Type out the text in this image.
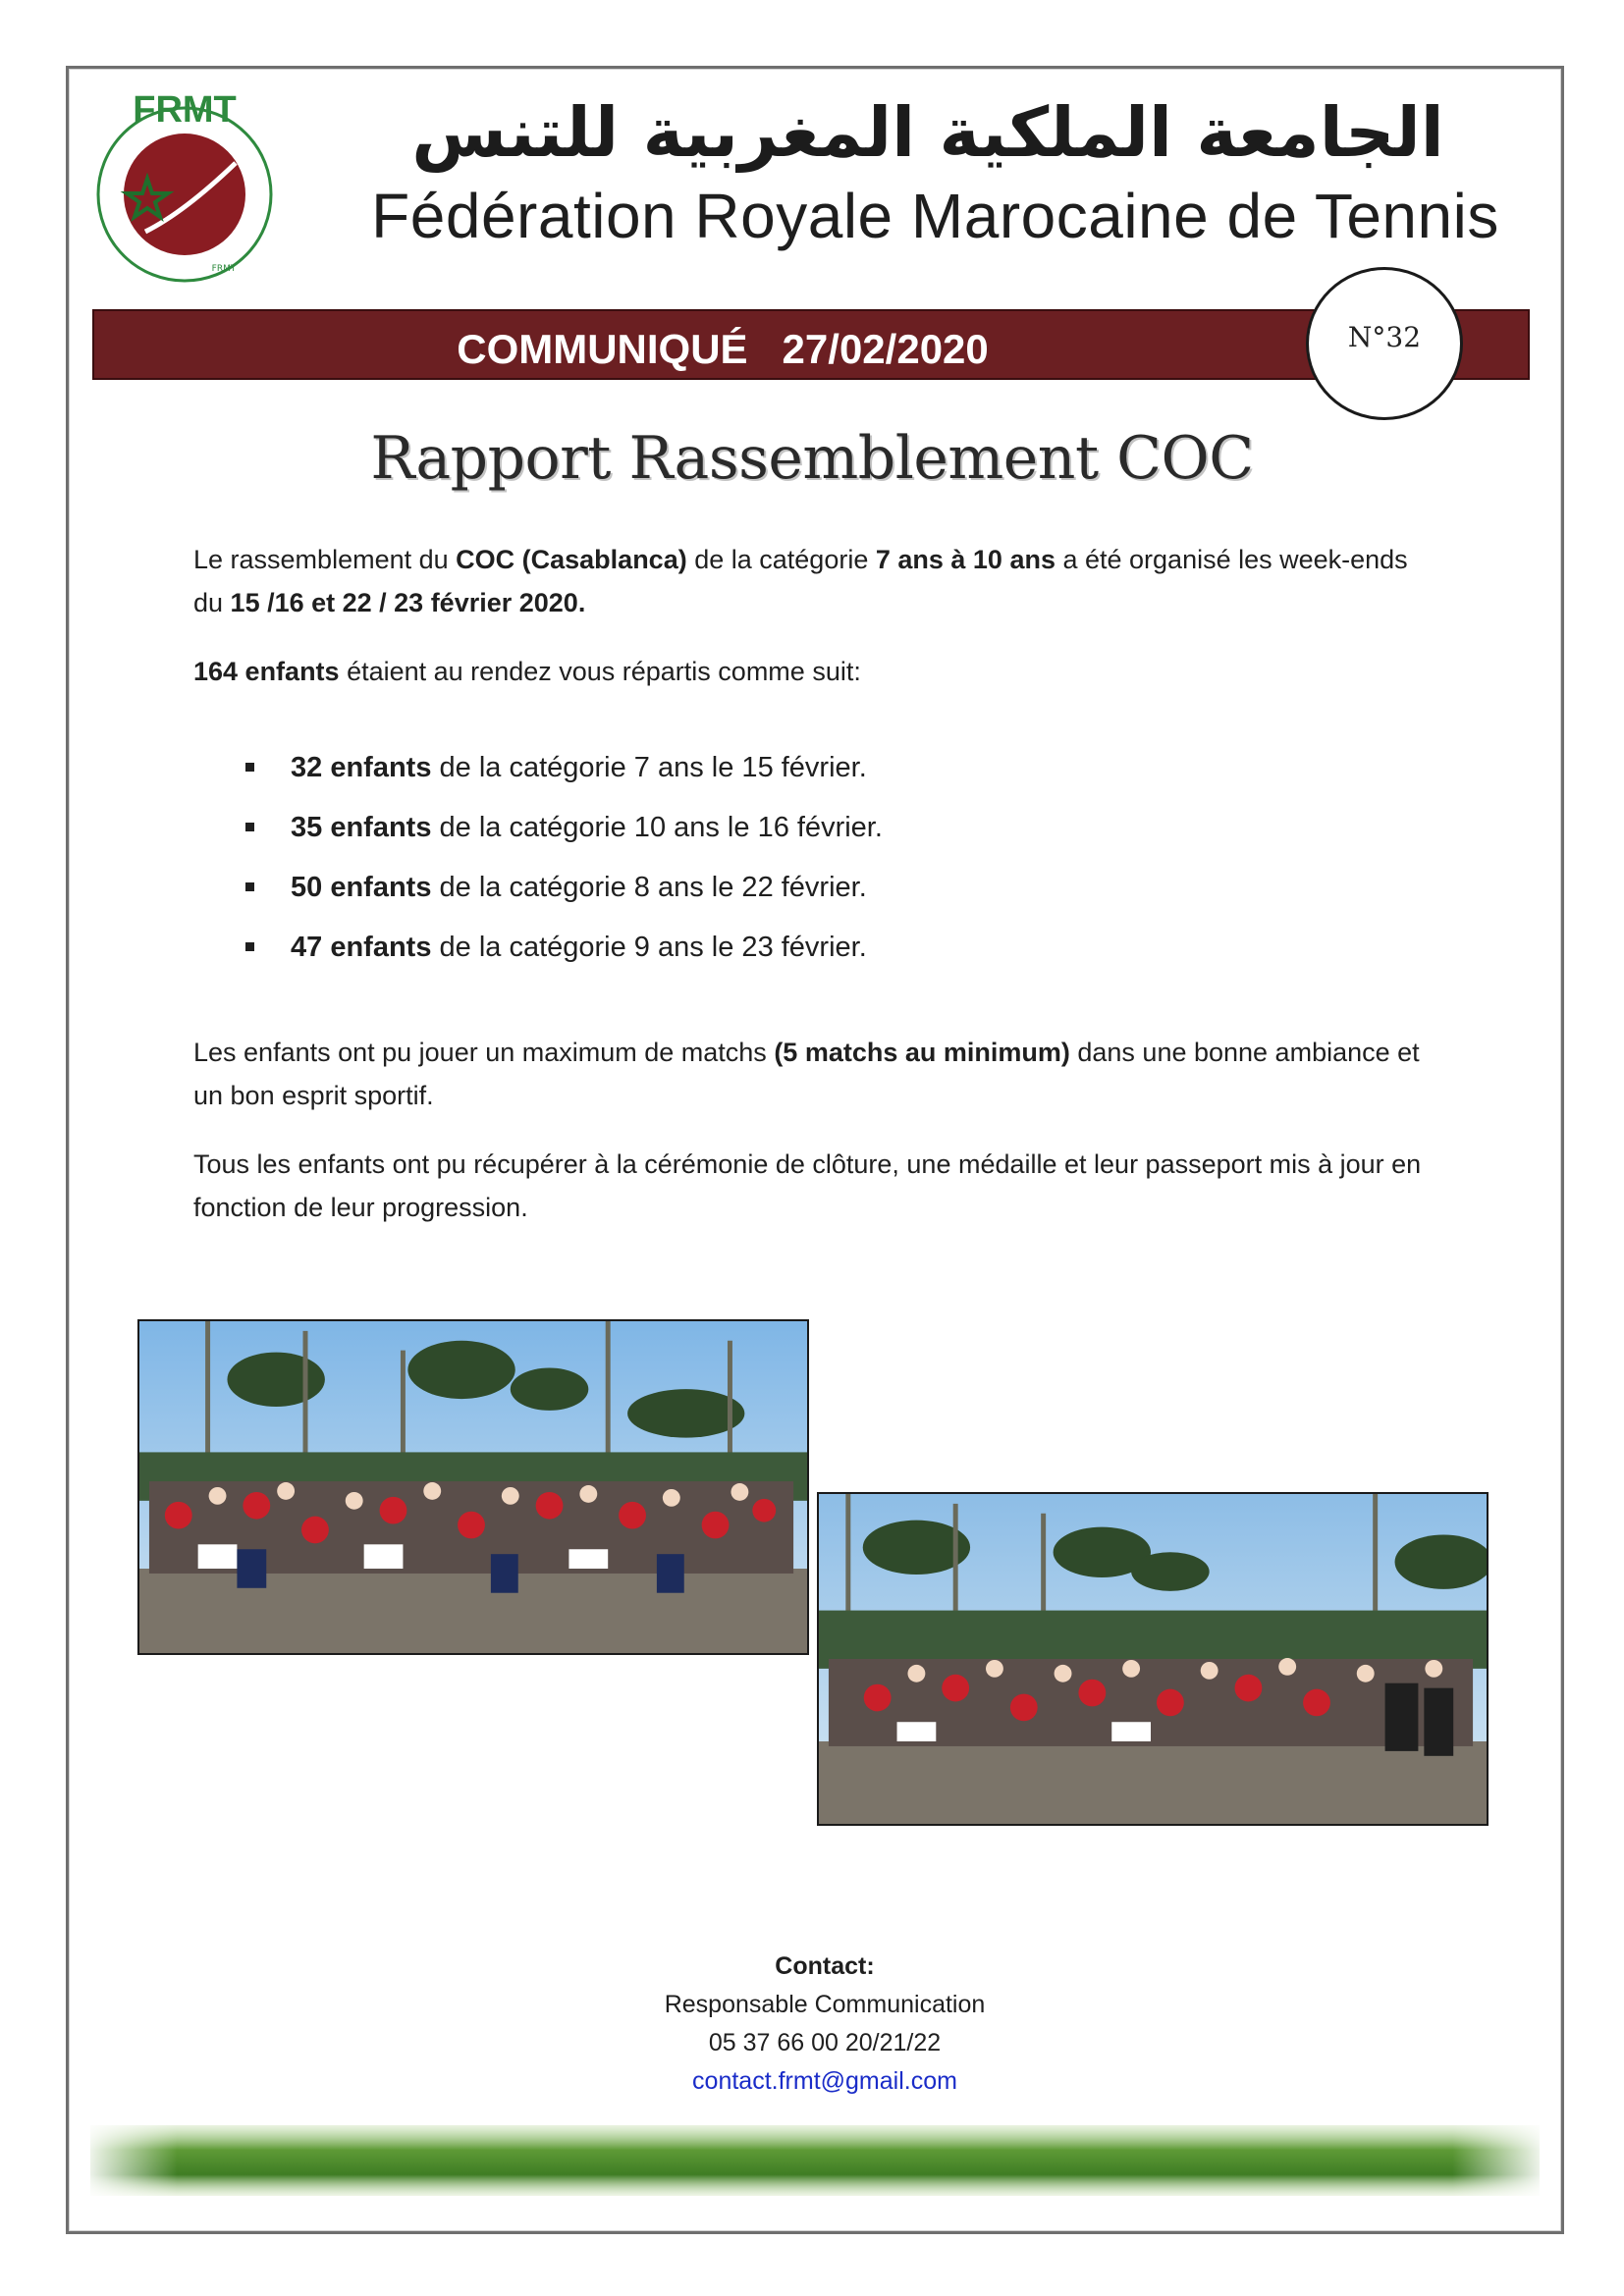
FRMT
FRMT
الجامعة الملكية المغربية للتنس
Fédération Royale Marocaine de Tennis
COMMUNIQUÉ   27/02/2020	N°32
Rapport Rassemblement COC
Le rassemblement du COC (Casablanca) de la catégorie 7 ans à 10 ans a été organisé les week-ends du 15 /16 et 22 / 23 février 2020.
164 enfants étaient au rendez vous répartis comme suit:
32 enfants de la catégorie 7 ans le 15 février.
35 enfants de la catégorie 10 ans le 16 février.
50 enfants de la catégorie 8 ans le 22 février.
47 enfants de la catégorie 9 ans le 23 février.
Les enfants ont pu jouer un maximum de matchs (5 matchs au minimum) dans une bonne ambiance et un bon esprit sportif.
Tous les enfants ont pu récupérer à la cérémonie de clôture, une médaille et leur passeport mis à jour en fonction de leur progression.
Contact:
Responsable Communication
05 37 66 00 20/21/22
contact.frmt@gmail.com
